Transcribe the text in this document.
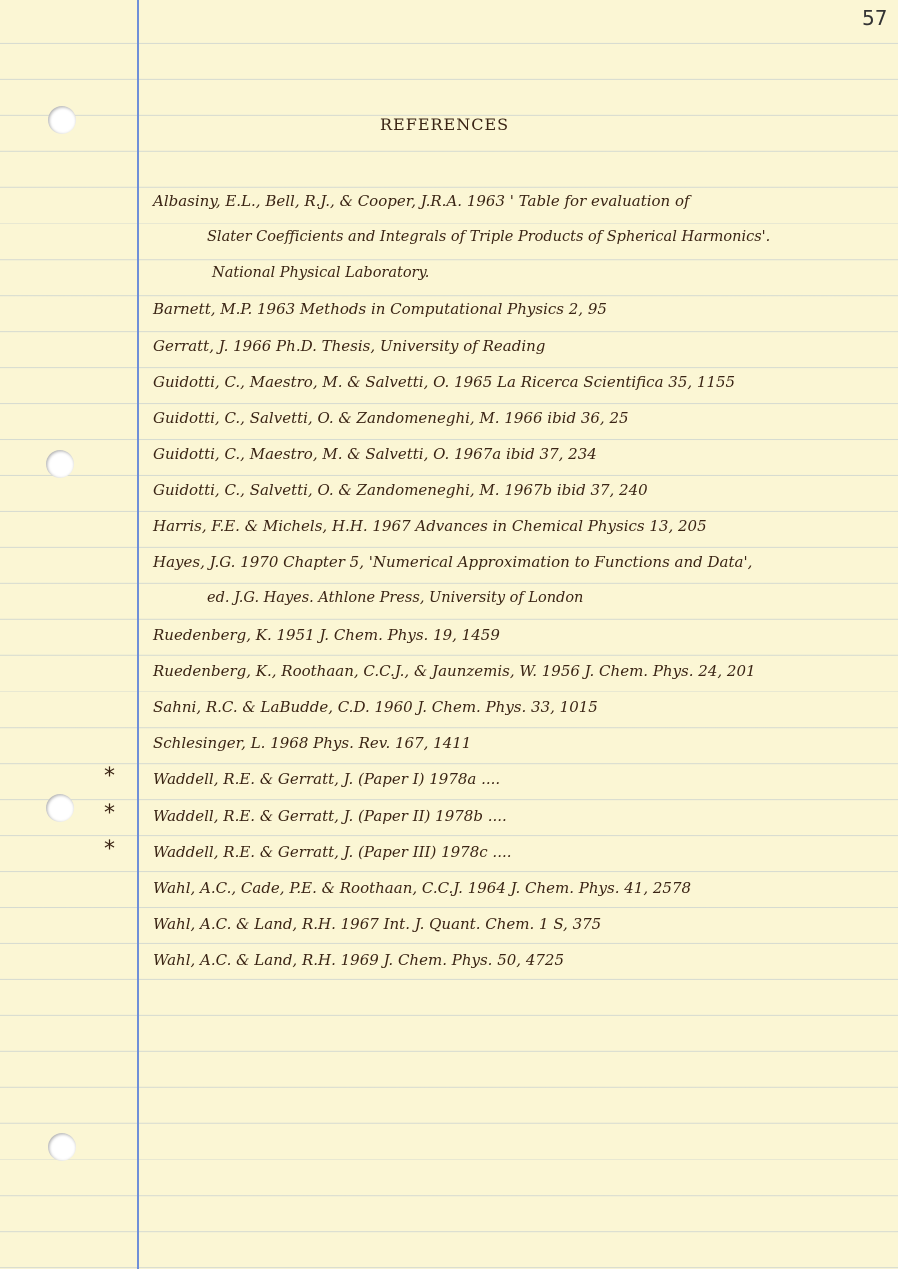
57
REFERENCES
Albasiny, E.L., Bell, R.J., & Cooper, J.R.A. 1963 ' Table for evaluation of
Slater Coefficients and Integrals of Triple Products of Spherical Harmonics'.
National Physical Laboratory.
Barnett, M.P. 1963 Methods in Computational Physics 2, 95
Gerratt, J. 1966 Ph.D. Thesis, University of Reading
Guidotti, C., Maestro, M. & Salvetti, O. 1965 La Ricerca Scientifica 35, 1155
Guidotti, C., Salvetti, O. & Zandomeneghi, M. 1966 ibid 36, 25
Guidotti, C., Maestro, M. & Salvetti, O. 1967a ibid 37, 234
Guidotti, C., Salvetti, O. & Zandomeneghi, M. 1967b ibid 37, 240
Harris, F.E. & Michels, H.H. 1967 Advances in Chemical Physics 13, 205
Hayes, J.G. 1970 Chapter 5, 'Numerical Approximation to Functions and Data',
ed. J.G. Hayes. Athlone Press, University of London
Ruedenberg, K. 1951 J. Chem. Phys. 19, 1459
Ruedenberg, K., Roothaan, C.C.J., & Jaunzemis, W. 1956 J. Chem. Phys. 24, 201
Sahni, R.C. & LaBudde, C.D. 1960 J. Chem. Phys. 33, 1015
Schlesinger, L. 1968 Phys. Rev. 167, 1411
*	Waddell, R.E. & Gerratt, J. (Paper I) 1978a ....
*	Waddell, R.E. & Gerratt, J. (Paper II) 1978b ....
*	Waddell, R.E. & Gerratt, J. (Paper III) 1978c ....
Wahl, A.C., Cade, P.E. & Roothaan, C.C.J. 1964 J. Chem. Phys. 41, 2578
Wahl, A.C. & Land, R.H. 1967 Int. J. Quant. Chem. 1 S, 375
Wahl, A.C. & Land, R.H. 1969 J. Chem. Phys. 50, 4725
